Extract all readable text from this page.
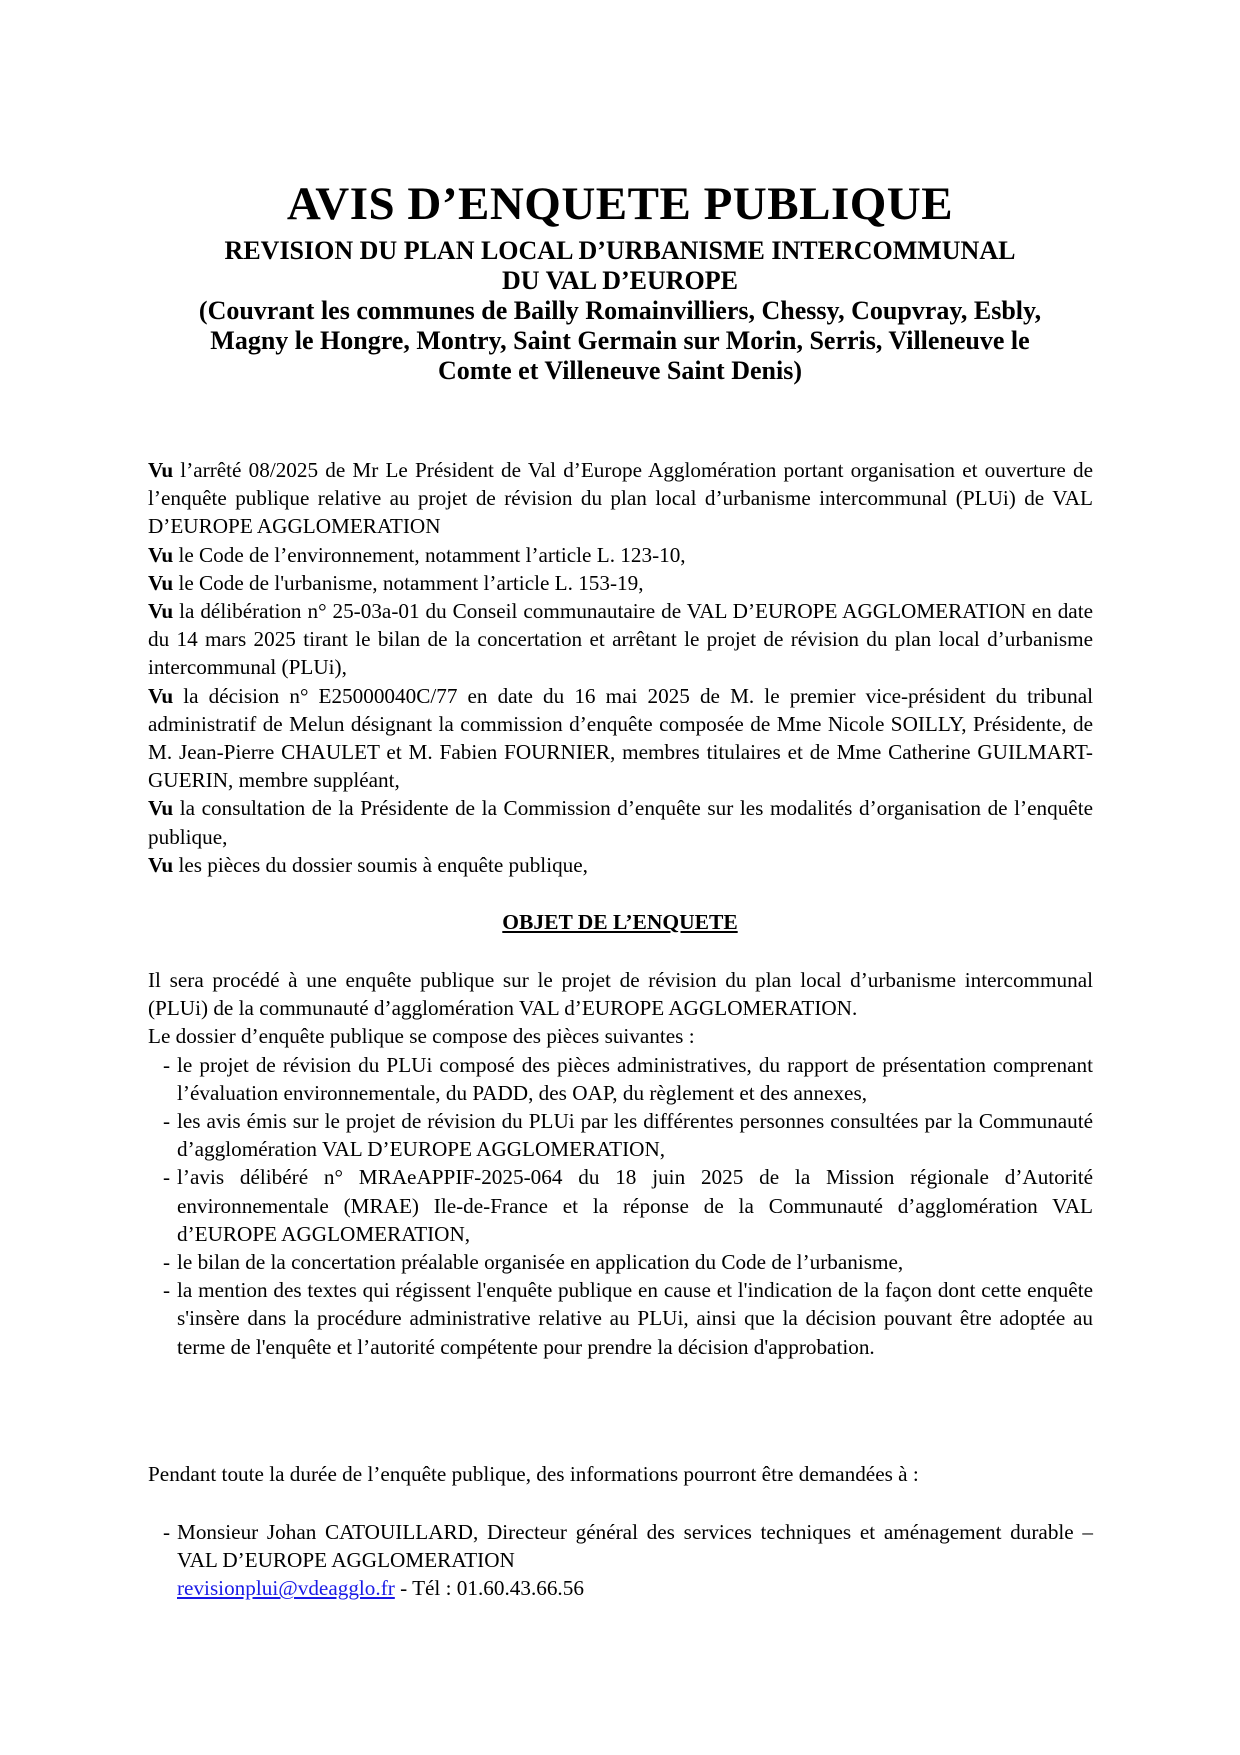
AVIS D’ENQUETE PUBLIQUE
REVISION DU PLAN LOCAL D’URBANISME INTERCOMMUNAL
DU VAL D’EUROPE
(Couvrant les communes de Bailly Romainvilliers, Chessy, Coupvray, Esbly,
Magny le Hongre, Montry, Saint Germain sur Morin, Serris, Villeneuve le
Comte et Villeneuve Saint Denis)

Vu l’arrêté 08/2025 de Mr Le Président de Val d’Europe Agglomération portant organisation et ouverture de l’enquête publique relative au projet de révision du plan local d’urbanisme intercommunal (PLUi) de VAL D’EUROPE AGGLOMERATION

Vu le Code de l’environnement, notamment l’article L. 123-10,

Vu le Code de l'urbanisme, notamment l’article L. 153-19,

Vu la délibération n° 25-03a-01 du Conseil communautaire de VAL D’EUROPE AGGLOMERATION en date du 14 mars 2025 tirant le bilan de la concertation et arrêtant le projet de révision du plan local d’urbanisme intercommunal (PLUi),

Vu la décision n° E25000040C/77 en date du 16 mai 2025 de M. le premier vice-président du tribunal administratif de Melun désignant la commission d’enquête composée de Mme Nicole SOILLY, Présidente, de M. Jean-Pierre CHAULET et M. Fabien FOURNIER, membres titulaires et de Mme Catherine GUILMART-GUERIN, membre suppléant,

Vu la consultation de la Présidente de la Commission d’enquête sur les modalités d’organisation de l’enquête publique,

Vu les pièces du dossier soumis à enquête publique,

OBJET DE L’ENQUETE

Il sera procédé à une enquête publique sur le projet de révision du plan local d’urbanisme intercommunal (PLUi) de la communauté d’agglomération VAL d’EUROPE AGGLOMERATION.

Le dossier d’enquête publique se compose des pièces suivantes :

- le projet de révision du PLUi composé des pièces administratives, du rapport de présentation comprenant l’évaluation environnementale, du PADD, des OAP, du règlement et des annexes,
- les avis émis sur le projet de révision du PLUi par les différentes personnes consultées par la Communauté d’agglomération VAL D’EUROPE AGGLOMERATION,
- l’avis délibéré n° MRAeAPPIF-2025-064 du 18 juin 2025 de la Mission régionale d’Autorité environnementale (MRAE) Ile-de-France et la réponse de la Communauté d’agglomération VAL d’EUROPE AGGLOMERATION,
- le bilan de la concertation préalable organisée en application du Code de l’urbanisme,
- la mention des textes qui régissent l'enquête publique en cause et l'indication de la façon dont cette enquête s'insère dans la procédure administrative relative au PLUi, ainsi que la décision pouvant être adoptée au terme de l'enquête et l’autorité compétente pour prendre la décision d'approbation.

Pendant toute la durée de l’enquête publique, des informations pourront être demandées à :

- Monsieur Johan CATOUILLARD, Directeur général des services techniques et aménagement durable – VAL D’EUROPE AGGLOMERATION
revisionplui@vdeagglo.fr - Tél : 01.60.43.66.56
